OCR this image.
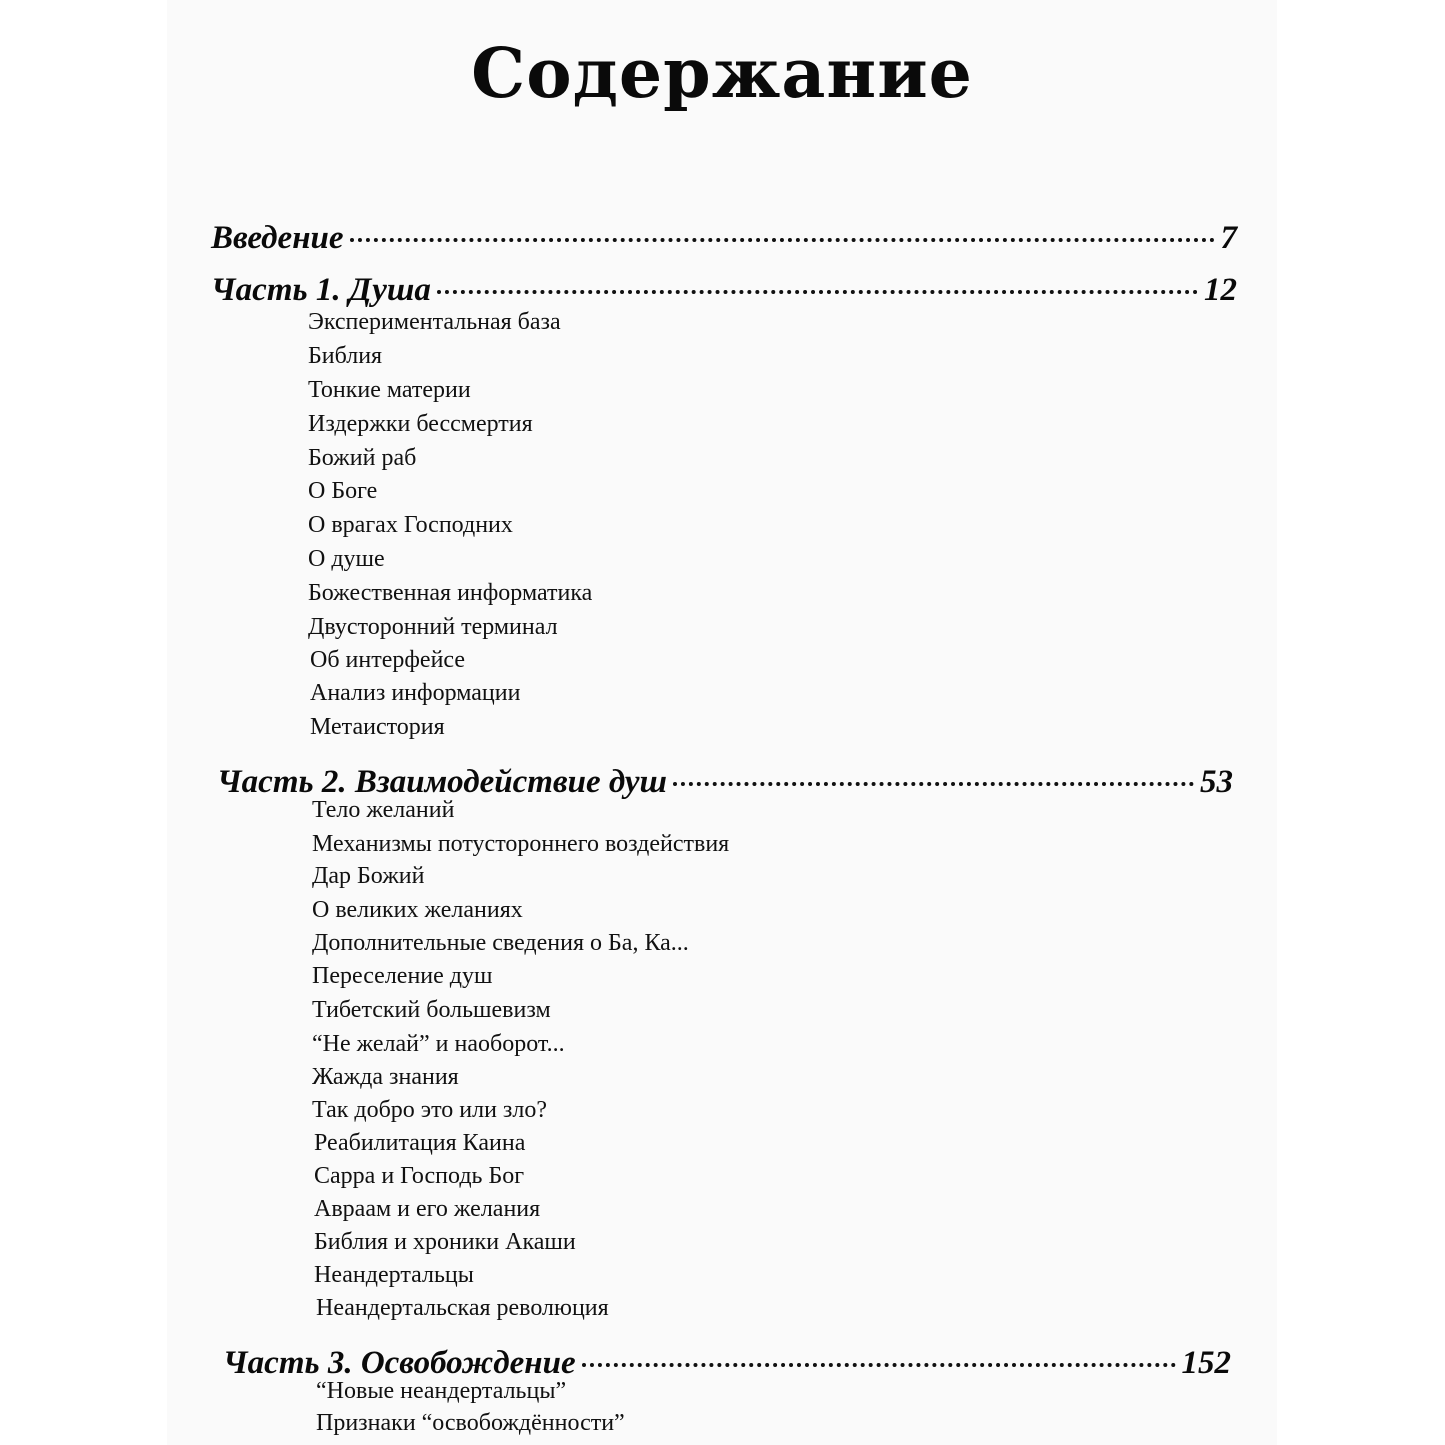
Содержание
Введение	7
Часть 1. Душа	12
Экспериментальная база
Библия
Тонкие материи
Издержки бессмертия
Божий раб
О Боге
О врагах Господних
О душе
Божественная информатика
Двусторонний терминал
Об интерфейсе
Анализ информации
Метаистория
Часть 2. Взаимодействие душ	53
Тело желаний
Механизмы потустороннего воздействия
Дар Божий
О великих желаниях
Дополнительные сведения о Ба, Ка...
Переселение душ
Тибетский большевизм
“Не желай” и наоборот...
Жажда знания
Так добро это или зло?
Реабилитация Каина
Сарра и Господь Бог
Авраам и его желания
Библия и хроники Акаши
Неандертальцы
Неандертальская революция
Часть 3. Освобождение	152
“Новые неандертальцы”
Признаки “освобождённости”
